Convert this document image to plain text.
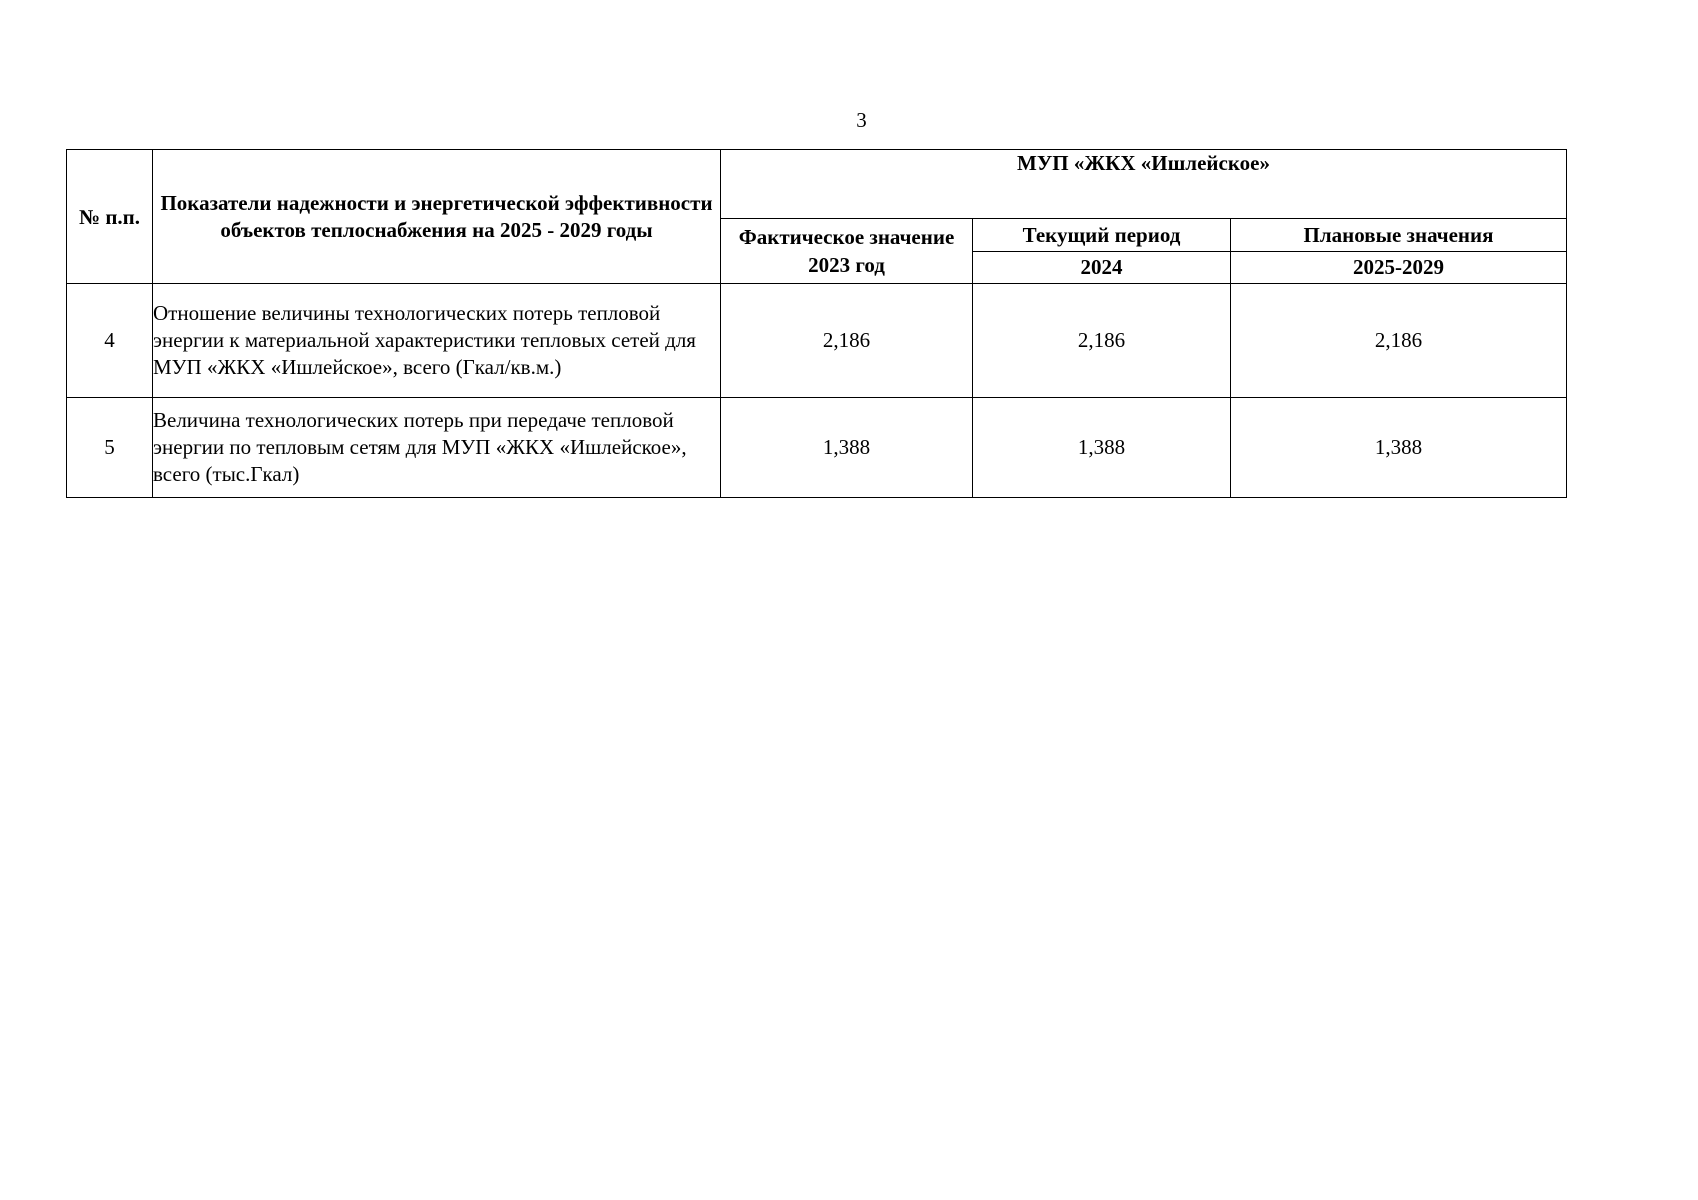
3
№ п.п.	Показатели надежности и энергетической эффективности объектов теплоснабжения на 2025 - 2029 годы	МУП «ЖКХ «Ишлейское»		
		Фактическое значение 2023 год	Текущий период	Плановые значения
			2024	2025-2029
4	Отношение величины технологических потерь тепловой энергии к материальной характеристики тепловых сетей для МУП «ЖКХ «Ишлейское», всего (Гкал/кв.м.)	2,186	2,186	2,186
5	Величина технологических потерь при передаче тепловой энергии по тепловым сетям для МУП «ЖКХ «Ишлейское», всего (тыс.Гкал)	1,388	1,388	1,388
